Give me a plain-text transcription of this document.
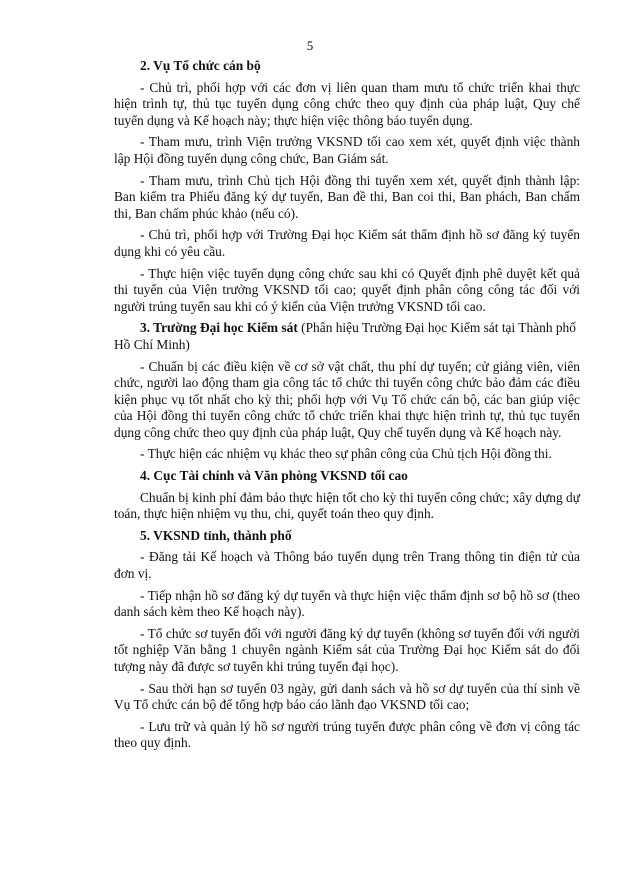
5
2. Vụ Tổ chức cán bộ

- Chủ trì, phối hợp với các đơn vị liên quan tham mưu tổ chức triển khai thực hiện trình tự, thủ tục tuyển dụng công chức theo quy định của pháp luật, Quy chế tuyển dụng và Kế hoạch này; thực hiện việc thông báo tuyển dụng.

- Tham mưu, trình Viện trưởng VKSND tối cao xem xét, quyết định việc thành lập Hội đồng tuyển dụng công chức, Ban Giám sát.

- Tham mưu, trình Chủ tịch Hội đồng thi tuyển xem xét, quyết định thành lập: Ban kiểm tra Phiếu đăng ký dự tuyển, Ban đề thi, Ban coi thi, Ban phách, Ban chấm thi, Ban chấm phúc khảo (nếu có).

- Chủ trì, phối hợp với Trường Đại học Kiểm sát thẩm định hồ sơ đăng ký tuyển dụng khi có yêu cầu.

- Thực hiện việc tuyển dụng công chức sau khi có Quyết định phê duyệt kết quả thi tuyển của Viện trưởng VKSND tối cao; quyết định phân công công tác đối với người trúng tuyển sau khi có ý kiến của Viện trưởng VKSND tối cao.

3. Trường Đại học Kiểm sát (Phân hiệu Trường Đại học Kiểm sát tại Thành phố Hồ Chí Minh)

- Chuẩn bị các điều kiện về cơ sở vật chất, thu phí dự tuyển; cử giảng viên, viên chức, người lao động tham gia công tác tổ chức thi tuyển công chức bảo đảm các điều kiện phục vụ tốt nhất cho kỳ thi; phối hợp với Vụ Tổ chức cán bộ, các ban giúp việc của Hội đồng thi tuyển công chức tổ chức triển khai thực hiện trình tự, thủ tục tuyển dụng công chức theo quy định của pháp luật, Quy chế tuyển dụng và Kế hoạch này.

- Thực hiện các nhiệm vụ khác theo sự phân công của Chủ tịch Hội đồng thi.

4. Cục Tài chính và Văn phòng VKSND tối cao

Chuẩn bị kinh phí đảm bảo thực hiện tốt cho kỳ thi tuyển công chức; xây dựng dự toán, thực hiện nhiệm vụ thu, chi, quyết toán theo quy định.

5. VKSND tỉnh, thành phố

- Đăng tải Kế hoạch và Thông báo tuyển dụng trên Trang thông tin điện tử của đơn vị.

- Tiếp nhận hồ sơ đăng ký dự tuyển và thực hiện việc thẩm định sơ bộ hồ sơ (theo danh sách kèm theo Kế hoạch này).

- Tổ chức sơ tuyển đối với người đăng ký dự tuyển (không sơ tuyển đối với người tốt nghiệp Văn bằng 1 chuyên ngành Kiểm sát của Trường Đại học Kiểm sát do đối tượng này đã được sơ tuyển khi trúng tuyển đại học).

- Sau thời hạn sơ tuyển 03 ngày, gửi danh sách và hồ sơ dự tuyển của thí sinh về Vụ Tổ chức cán bộ để tổng hợp báo cáo lãnh đạo VKSND tối cao;

- Lưu trữ và quản lý hồ sơ người trúng tuyển được phân công về đơn vị công tác theo quy định.
